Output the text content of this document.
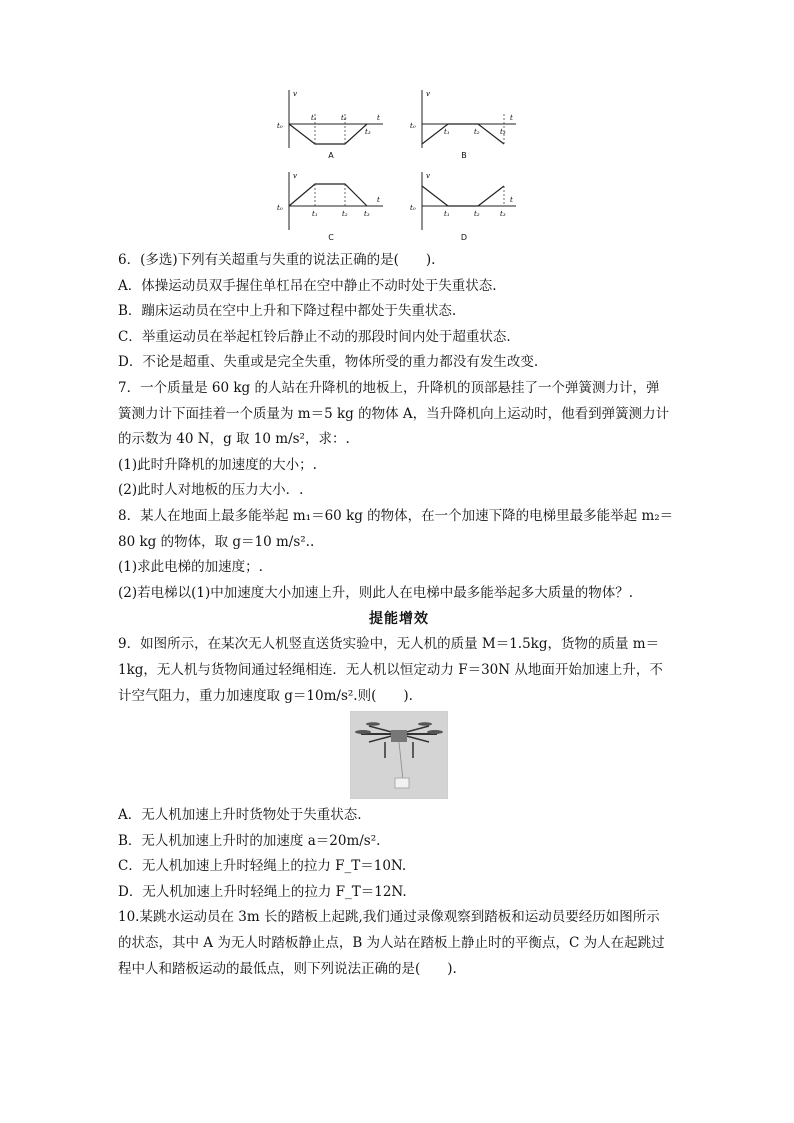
v
t
t₀
t₁	t₂
t₃
A
v
t
t₀
t₁	t₂	t₃
B
v
t
t₀
t₁	t₂ t₃
C
v
t
t₀
t₁	t₂	t₃
D
6．(多选)下列有关超重与失重的说法正确的是(　　).
A．体操运动员双手握住单杠吊在空中静止不动时处于失重状态.
B．蹦床运动员在空中上升和下降过程中都处于失重状态.
C．举重运动员在举起杠铃后静止不动的那段时间内处于超重状态.
D．不论是超重、失重或是完全失重，物体所受的重力都没有发生改变.
7．一个质量是 60 kg 的人站在升降机的地板上，升降机的顶部悬挂了一个弹簧测力计，弹
簧测力计下面挂着一个质量为 m＝5 kg 的物体 A，当升降机向上运动时，他看到弹簧测力计
的示数为 40 N，g 取 10 m/s²，求：.
(1)此时升降机的加速度的大小；.
(2)此时人对地板的压力大小．.
8．某人在地面上最多能举起 m₁＝60 kg 的物体，在一个加速下降的电梯里最多能举起 m₂＝
80 kg 的物体，取 g＝10 m/s²..
(1)求此电梯的加速度；.
(2)若电梯以(1)中加速度大小加速上升，则此人在电梯中最多能举起多大质量的物体？.
提能增效
9．如图所示，在某次无人机竖直送货实验中，无人机的质量 M＝1.5kg，货物的质量 m＝
1kg，无人机与货物间通过轻绳相连．无人机以恒定动力 F＝30N 从地面开始加速上升，不
计空气阻力，重力加速度取 g＝10m/s².则(　　).
A．无人机加速上升时货物处于失重状态.
B．无人机加速上升时的加速度 a＝20m/s².
C．无人机加速上升时轻绳上的拉力 F_T＝10N.
D．无人机加速上升时轻绳上的拉力 F_T＝12N.
10.某跳水运动员在 3m 长的踏板上起跳,我们通过录像观察到踏板和运动员要经历如图所示
的状态，其中 A 为无人时踏板静止点，B 为人站在踏板上静止时的平衡点，C 为人在起跳过
程中人和踏板运动的最低点，则下列说法正确的是(　　).
